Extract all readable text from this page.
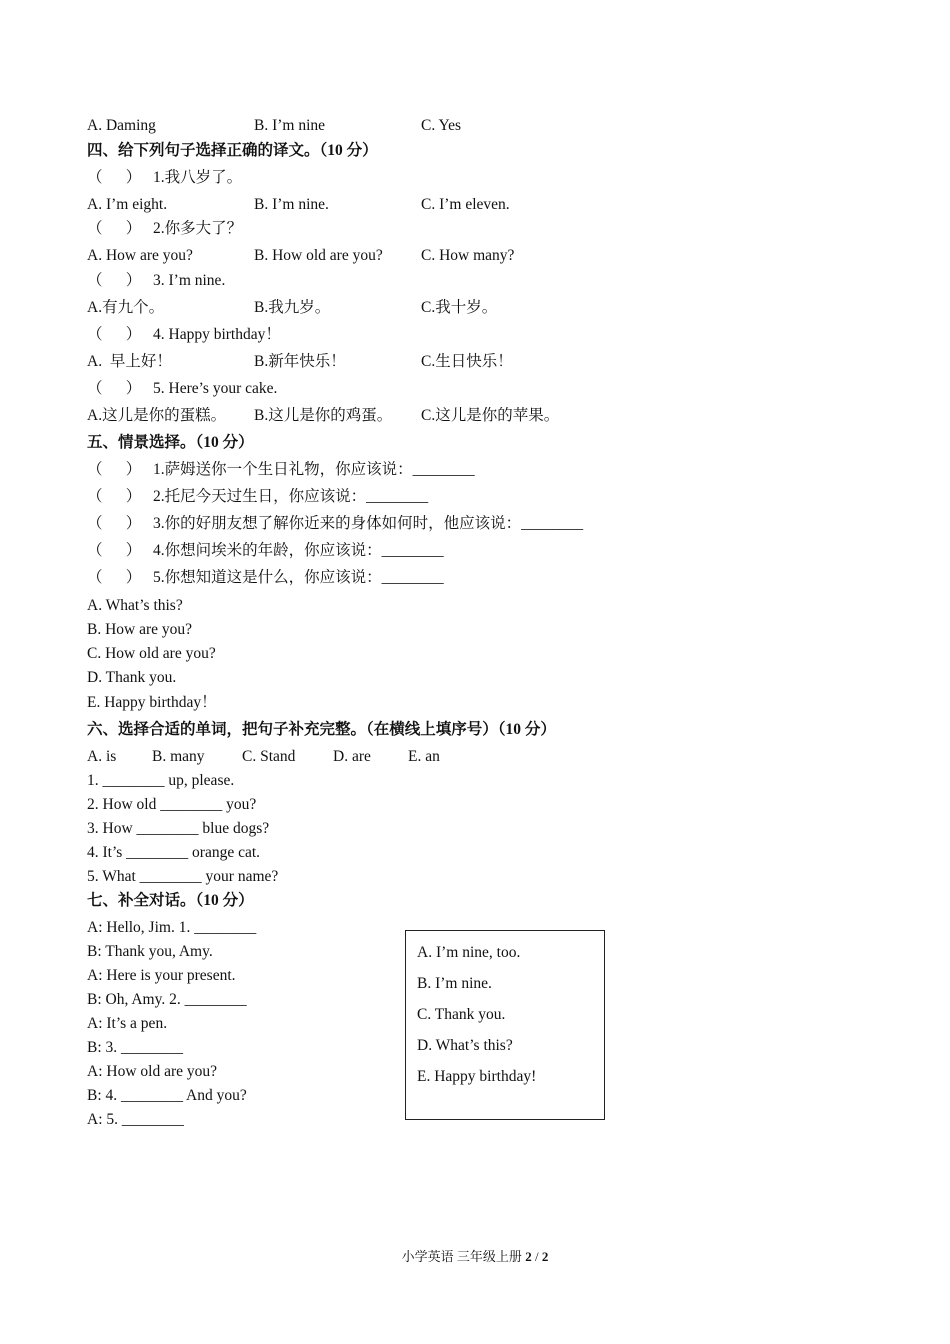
A. Daming	B. I’m nine	C. Yes
四、给下列句子选择正确的译文。（10 分）
（      ） 1.我八岁了。
A. I’m eight.	B. I’m nine.	C. I’m eleven.
（      ） 2.你多大了？
A. How are you?	B. How old are you? C. How many?
（      ） 3. I’m nine.
A.有九个。	B.我九岁。	C.我十岁。
（      ） 4. Happy birthday！
A.  早上好！	B.新年快乐！	C.生日快乐！
（      ） 5. Here’s your cake.
A.这儿是你的蛋糕。 B.这儿是你的鸡蛋。 C.这儿是你的苹果。
五、情景选择。（10 分）
（      ） 1.萨姆送你一个生日礼物，你应该说：________
（      ） 2.托尼今天过生日，你应该说：________
（      ） 3.你的好朋友想了解你近来的身体如何时，他应该说：________
（      ） 4.你想问埃米的年龄，你应该说：________
（      ） 5.你想知道这是什么，你应该说：________
A. What’s this?
B. How are you?
C. How old are you?
D. Thank you.
E. Happy birthday！
六、选择合适的单词，把句子补充完整。（在横线上填序号）（10 分）
A. is B. many C. Stand D. are E. an
1. ________ up, please.
2. How old ________ you?
3. How ________ blue dogs?
4. It’s ________ orange cat.
5. What ________ your name?
七、补全对话。（10 分）
A: Hello, Jim. 1. ________
B: Thank you, Amy.
A: Here is your present.
B: Oh, Amy. 2. ________
A: It’s a pen.
B: 3. ________
A: How old are you?
B: 4. ________ And you?
A: 5. ________
A. I’m nine, too.
B. I’m nine.
C. Thank you.
D. What’s this?
E. Happy birthday!
小学英语 三年级上册 2 / 2
